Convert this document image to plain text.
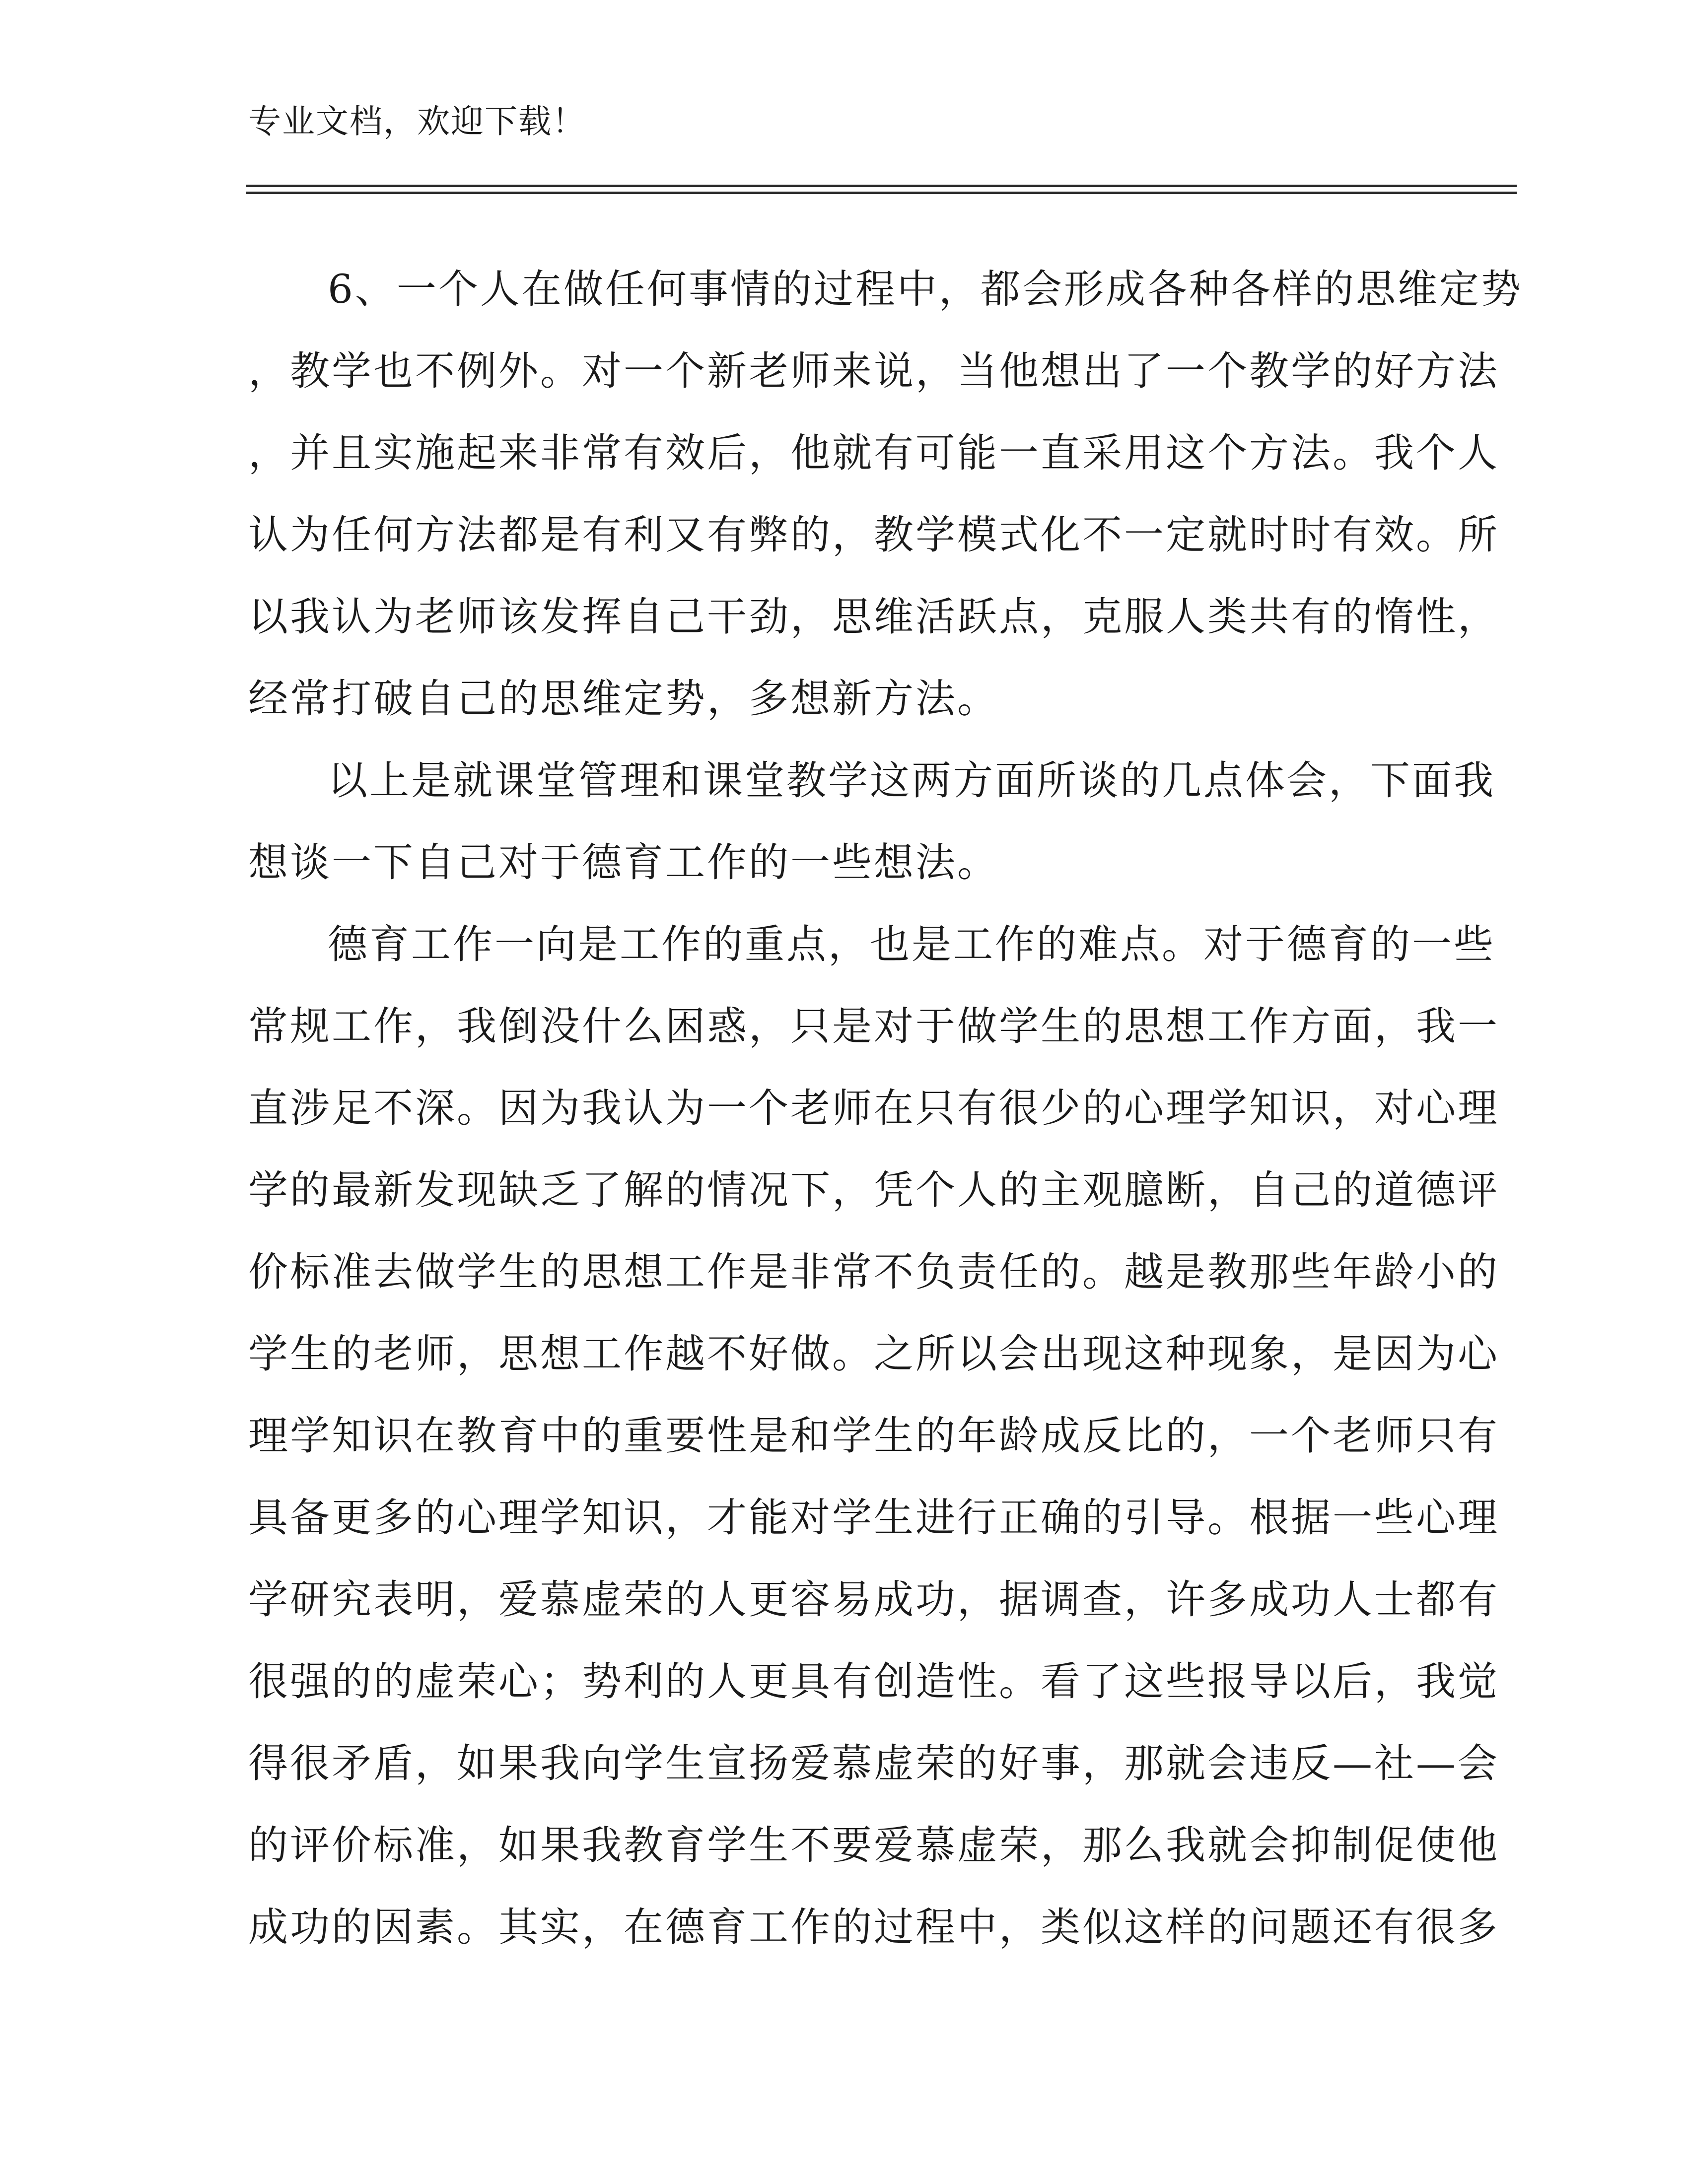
专业文档，欢迎下载！
6、一个人在做任何事情的过程中，都会形成各种各样的思维定势
，教学也不例外。对一个新老师来说，当他想出了一个教学的好方法
，并且实施起来非常有效后，他就有可能一直采用这个方法。我个人
认为任何方法都是有利又有弊的，教学模式化不一定就时时有效。所
以我认为老师该发挥自己干劲，思维活跃点，克服人类共有的惰性，
经常打破自己的思维定势，多想新方法。
以上是就课堂管理和课堂教学这两方面所谈的几点体会，下面我
想谈一下自己对于德育工作的一些想法。
德育工作一向是工作的重点，也是工作的难点。对于德育的一些
常规工作，我倒没什么困惑，只是对于做学生的思想工作方面，我一
直涉足不深。因为我认为一个老师在只有很少的心理学知识，对心理
学的最新发现缺乏了解的情况下，凭个人的主观臆断，自己的道德评
价标准去做学生的思想工作是非常不负责任的。越是教那些年龄小的
学生的老师，思想工作越不好做。之所以会出现这种现象，是因为心
理学知识在教育中的重要性是和学生的年龄成反比的，一个老师只有
具备更多的心理学知识，才能对学生进行正确的引导。根据一些心理
学研究表明，爱慕虚荣的人更容易成功，据调查，许多成功人士都有
很强的的虚荣心；势利的人更具有创造性。看了这些报导以后，我觉
得很矛盾，如果我向学生宣扬爱慕虚荣的好事，那就会违反—社—会
的评价标准，如果我教育学生不要爱慕虚荣，那么我就会抑制促使他
成功的因素。其实，在德育工作的过程中，类似这样的问题还有很多
